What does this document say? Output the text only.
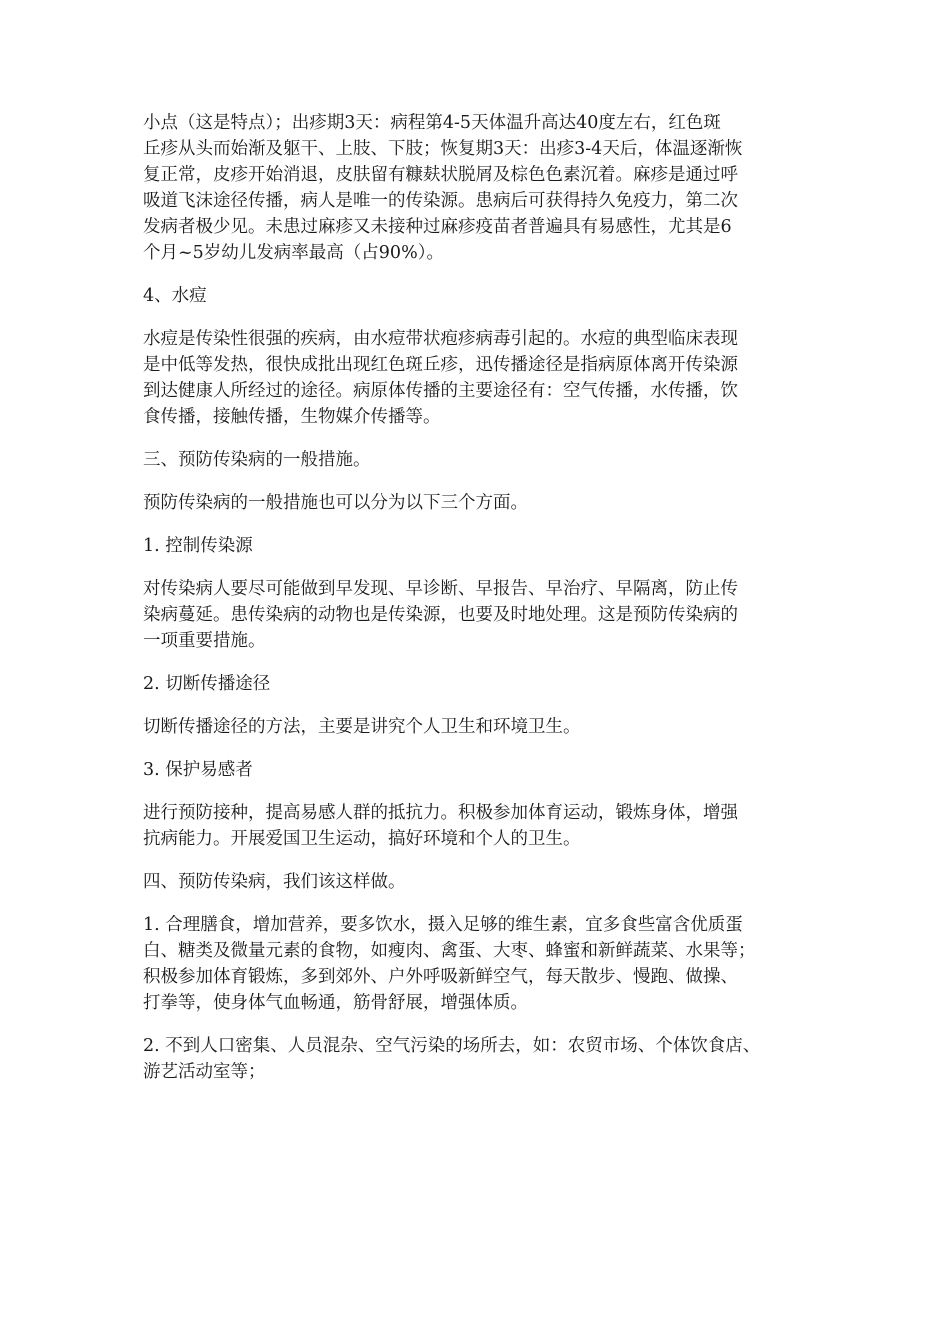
小点（这是特点）；出疹期3天：病程第4-5天体温升高达40度左右，红色斑
丘疹从头而始渐及躯干、上肢、下肢；恢复期3天：出疹3-4天后，体温逐渐恢
复正常，皮疹开始消退，皮肤留有糠麸状脱屑及棕色色素沉着。麻疹是通过呼
吸道飞沫途径传播，病人是唯一的传染源。患病后可获得持久免疫力，第二次
发病者极少见。未患过麻疹又未接种过麻疹疫苗者普遍具有易感性，尤其是6
个月~5岁幼儿发病率最高（占90%）。
4、水痘
水痘是传染性很强的疾病，由水痘带状疱疹病毒引起的。水痘的典型临床表现
是中低等发热，很快成批出现红色斑丘疹，迅传播途径是指病原体离开传染源
到达健康人所经过的途径。病原体传播的主要途径有：空气传播，水传播，饮
食传播，接触传播，生物媒介传播等。
三、预防传染病的一般措施。
预防传染病的一般措施也可以分为以下三个方面。
1. 控制传染源
对传染病人要尽可能做到早发现、早诊断、早报告、早治疗、早隔离，防止传
染病蔓延。患传染病的动物也是传染源，也要及时地处理。这是预防传染病的
一项重要措施。
2. 切断传播途径
切断传播途径的方法，主要是讲究个人卫生和环境卫生。
3. 保护易感者
进行预防接种，提高易感人群的抵抗力。积极参加体育运动，锻炼身体，增强
抗病能力。开展爱国卫生运动，搞好环境和个人的卫生。
四、预防传染病，我们该这样做。
1. 合理膳食，增加营养，要多饮水，摄入足够的维生素，宜多食些富含优质蛋
白、糖类及微量元素的食物，如瘦肉、禽蛋、大枣、蜂蜜和新鲜蔬菜、水果等；
积极参加体育锻炼，多到郊外、户外呼吸新鲜空气，每天散步、慢跑、做操、
打拳等，使身体气血畅通，筋骨舒展，增强体质。
2. 不到人口密集、人员混杂、空气污染的场所去，如：农贸市场、个体饮食店、
游艺活动室等；
